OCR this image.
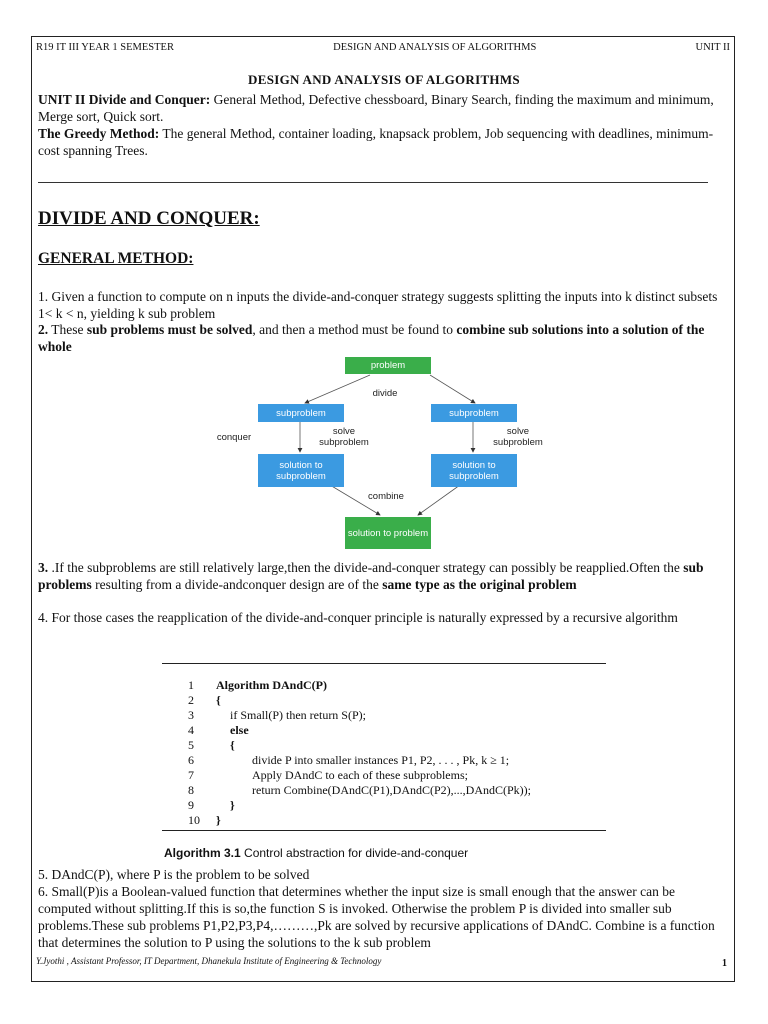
R19 IT III YEAR 1 SEMESTER	DESIGN AND ANALYSIS OF ALGORITHMS	UNIT II
DESIGN AND ANALYSIS OF ALGORITHMS
UNIT II Divide and Conquer: General Method, Defective chessboard, Binary Search, finding the maximum and minimum, Merge sort, Quick sort.
The Greedy Method: The general Method, container loading, knapsack problem, Job sequencing with deadlines, minimum-cost spanning Trees.
DIVIDE AND CONQUER:
GENERAL METHOD:
1. Given a function to compute on n inputs the divide-and-conquer strategy suggests splitting the inputs into k distinct subsets 1< k < n, yielding k sub problem
2. These sub problems must be solved, and then a method must be found to combine sub solutions into a solution of the whole
problem
divide
subproblem	subproblem
conquer
solve subproblem
solve subproblem
solution to subproblem
solution to subproblem
combine
solution to problem
3. .If the subproblems are still relatively large,then the divide-and-conquer strategy can possibly be reapplied.Often the sub problems resulting from a divide-andconquer design are of the same type as the original problem
4. For those cases the reapplication of the divide-and-conquer principle is naturally expressed by a recursive algorithm
1	Algorithm DAndC(P)
2	{
3	if Small(P) then return S(P);
4	else
5	{
6	divide P into smaller instances P1, P2, . . . , Pk, k ≥ 1;
7	Apply DAndC to each of these subproblems;
8	return Combine(DAndC(P1),DAndC(P2),...,DAndC(Pk));
9	}
10 }
Algorithm 3.1 Control abstraction for divide-and-conquer
5. DAndC(P), where P is the problem to be solved
6. Small(P)is a Boolean-valued function that determines whether the input size is small enough that the answer can be computed without splitting.If this is so,the function S is invoked. Otherwise the problem P is divided into smaller sub problems.These sub problems P1,P2,P3,P4,………,Pk are solved by recursive applications of DAndC. Combine is a function that determines the solution to P using the solutions to the k sub problem
Y.Jyothi , Assistant Professor, IT Department, Dhanekula Institute of Engineering & Technology	1
